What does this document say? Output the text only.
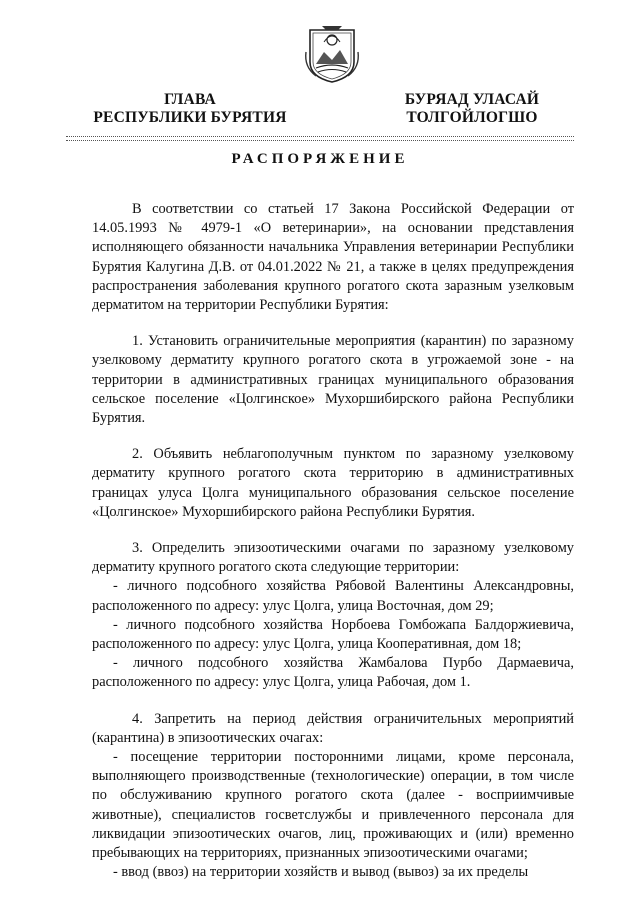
ГЛАВА
РЕСПУБЛИКИ БУРЯТИЯ
БУРЯАД УЛАСАЙ
ТОЛГОЙЛОГШО
РАСПОРЯЖЕНИЕ

В соответствии со статьей 17 Закона Российской Федерации от 14.05.1993 № 4979-1 «О ветеринарии», на основании представления исполняющего обязанности начальника Управления ветеринарии Республики Бурятия Калугина Д.В. от 04.01.2022 № 21, а также в целях предупреждения распространения заболевания крупного рогатого скота заразным узелковым дерматитом на территории Республики Бурятия:

1. Установить ограничительные мероприятия (карантин) по заразному узелковому дерматиту крупного рогатого скота в угрожаемой зоне - на территории в административных границах муниципального образования сельское поселение «Цолгинское» Мухоршибирского района Республики Бурятия.

2. Объявить неблагополучным пунктом по заразному узелковому дерматиту крупного рогатого скота территорию в административных границах улуса Цолга муниципального образования сельское поселение «Цолгинское» Мухоршибирского района Республики Бурятия.

3. Определить эпизоотическими очагами по заразному узелковому дерматиту крупного рогатого скота следующие территории:

- личного подсобного хозяйства Рябовой Валентины Александровны, расположенного по адресу: улус Цолга, улица Восточная, дом 29;

- личного подсобного хозяйства Норбоева Гомбожапа Балдоржиевича, расположенного по адресу: улус Цолга, улица Кооперативная, дом 18;

- личного подсобного хозяйства Жамбалова Пурбо Дармаевича, расположенного по адресу: улус Цолга, улица Рабочая, дом 1.

4. Запретить на период действия ограничительных мероприятий (карантина) в эпизоотических очагах:

- посещение территории посторонними лицами, кроме персонала, выполняющего производственные (технологические) операции, в том числе по обслуживанию крупного рогатого скота (далее - восприимчивые животные), специалистов госветслужбы и привлеченного персонала для ликвидации эпизоотических очагов, лиц, проживающих и (или) временно пребывающих на территориях, признанных эпизоотическими очагами;

- ввод (ввоз) на территории хозяйств и вывод (вывоз) за их пределы
